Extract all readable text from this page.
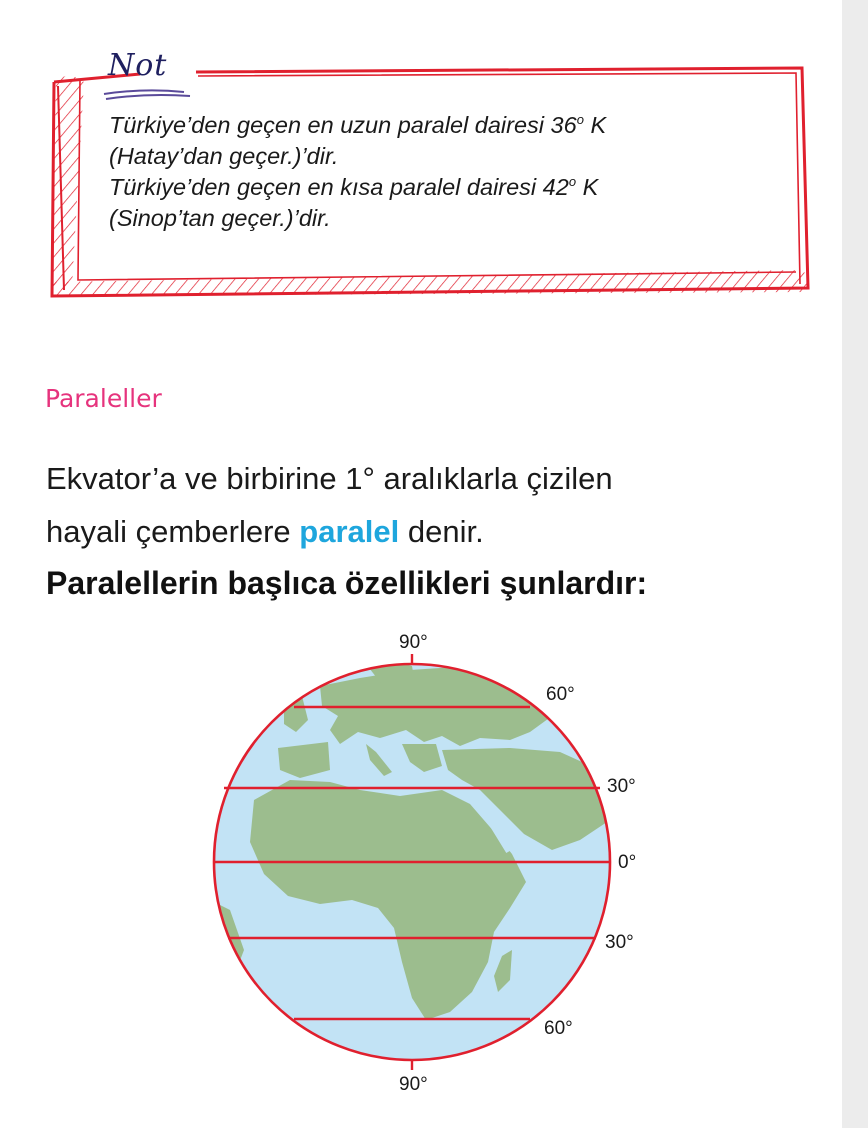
Not
Türkiye’den geçen en uzun paralel dairesi 36$^o$ K
(Hatay’dan geçer.)’dir.
Türkiye’den geçen en kısa paralel dairesi 42$^o$ K
(Sinop’tan geçer.)’dir.
Paraleller
Ekvator’a ve birbirine 1° aralıklarla çizilen
hayali çemberlere paralel denir.
Paralellerin başlıca özellikleri şunlardır:
90°
60°
30°
0°
30°
60°
90°
